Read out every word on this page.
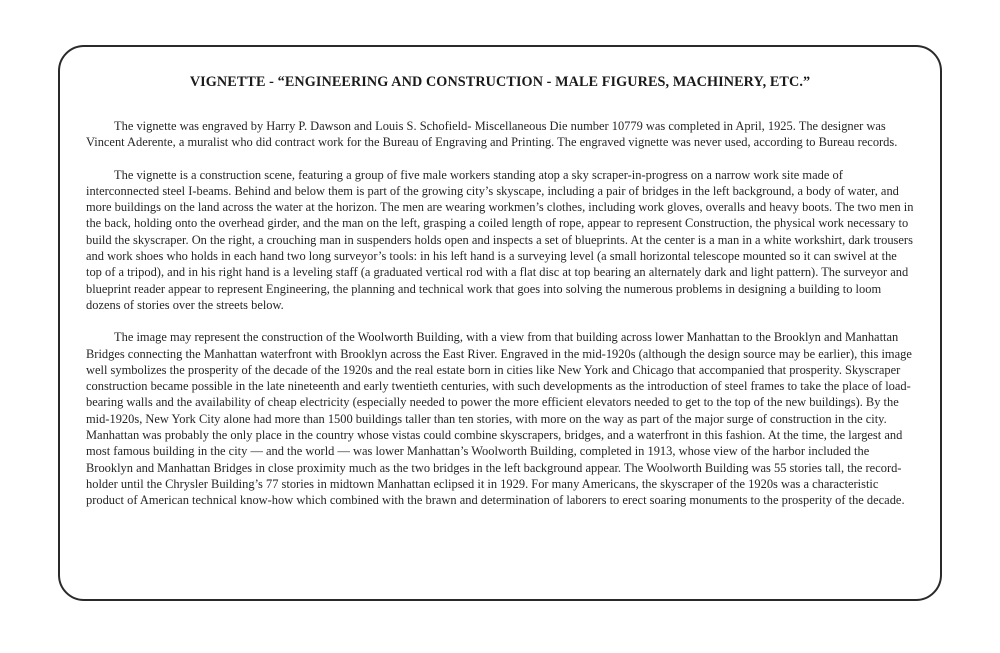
VIGNETTE - “ENGINEERING AND CONSTRUCTION - MALE FIGURES, MACHINERY, ETC.”

The vignette was engraved by Harry P. Dawson and Louis S. Schofield- Miscellaneous Die number 10779 was completed in April, 1925. The designer was Vincent Aderente, a muralist who did contract work for the Bureau of Engraving and Printing. The engraved vignette was never used, according to Bureau records.

The vignette is a construction scene, featuring a group of five male workers standing atop a sky scraper-in-progress on a narrow work site made of interconnected steel I-beams. Behind and below them is part of the growing city’s skyscape, including a pair of bridges in the left background, a body of water, and more buildings on the land across the water at the horizon. The men are wearing workmen’s clothes, including work gloves, overalls and heavy boots. The two men in the back, holding onto the overhead girder, and the man on the left, grasping a coiled length of rope, appear to represent Construction, the physical work necessary to build the skyscraper. On the right, a crouching man in suspenders holds open and inspects a set of blueprints. At the center is a man in a white workshirt, dark trousers and work shoes who holds in each hand two long surveyor’s tools: in his left hand is a surveying level (a small horizontal telescope mounted so it can swivel at the top of a tripod), and in his right hand is a leveling staff (a graduated vertical rod with a flat disc at top bearing an alternately dark and light pattern). The surveyor and blueprint reader appear to represent Engineering, the planning and technical work that goes into solving the numerous problems in designing a building to loom dozens of stories over the streets below.

The image may represent the construction of the Woolworth Building, with a view from that building across lower Manhattan to the Brooklyn and Manhattan Bridges connecting the Manhattan waterfront with Brooklyn across the East River. Engraved in the mid-1920s (although the design source may be earlier), this image well symbolizes the prosperity of the decade of the 1920s and the real estate born in cities like New York and Chicago that accompanied that prosperity. Skyscraper construction became possible in the late nineteenth and early twentieth centuries, with such developments as the introduction of steel frames to take the place of load-bearing walls and the availability of cheap electricity (especially needed to power the more efficient elevators needed to get to the top of the new buildings). By the mid-1920s, New York City alone had more than 1500 buildings taller than ten stories, with more on the way as part of the major surge of construction in the city. Manhattan was probably the only place in the country whose vistas could combine skyscrapers, bridges, and a waterfront in this fashion. At the time, the largest and most famous building in the city — and the world — was lower Manhattan’s Woolworth Building, completed in 1913, whose view of the harbor included the Brooklyn and Manhattan Bridges in close proximity much as the two bridges in the left background appear. The Woolworth Building was 55 stories tall, the record-holder until the Chrysler Building’s 77 stories in midtown Manhattan eclipsed it in 1929. For many Americans, the skyscraper of the 1920s was a characteristic product of American technical know-how which combined with the brawn and determination of laborers to erect soaring monuments to the prosperity of the decade.
